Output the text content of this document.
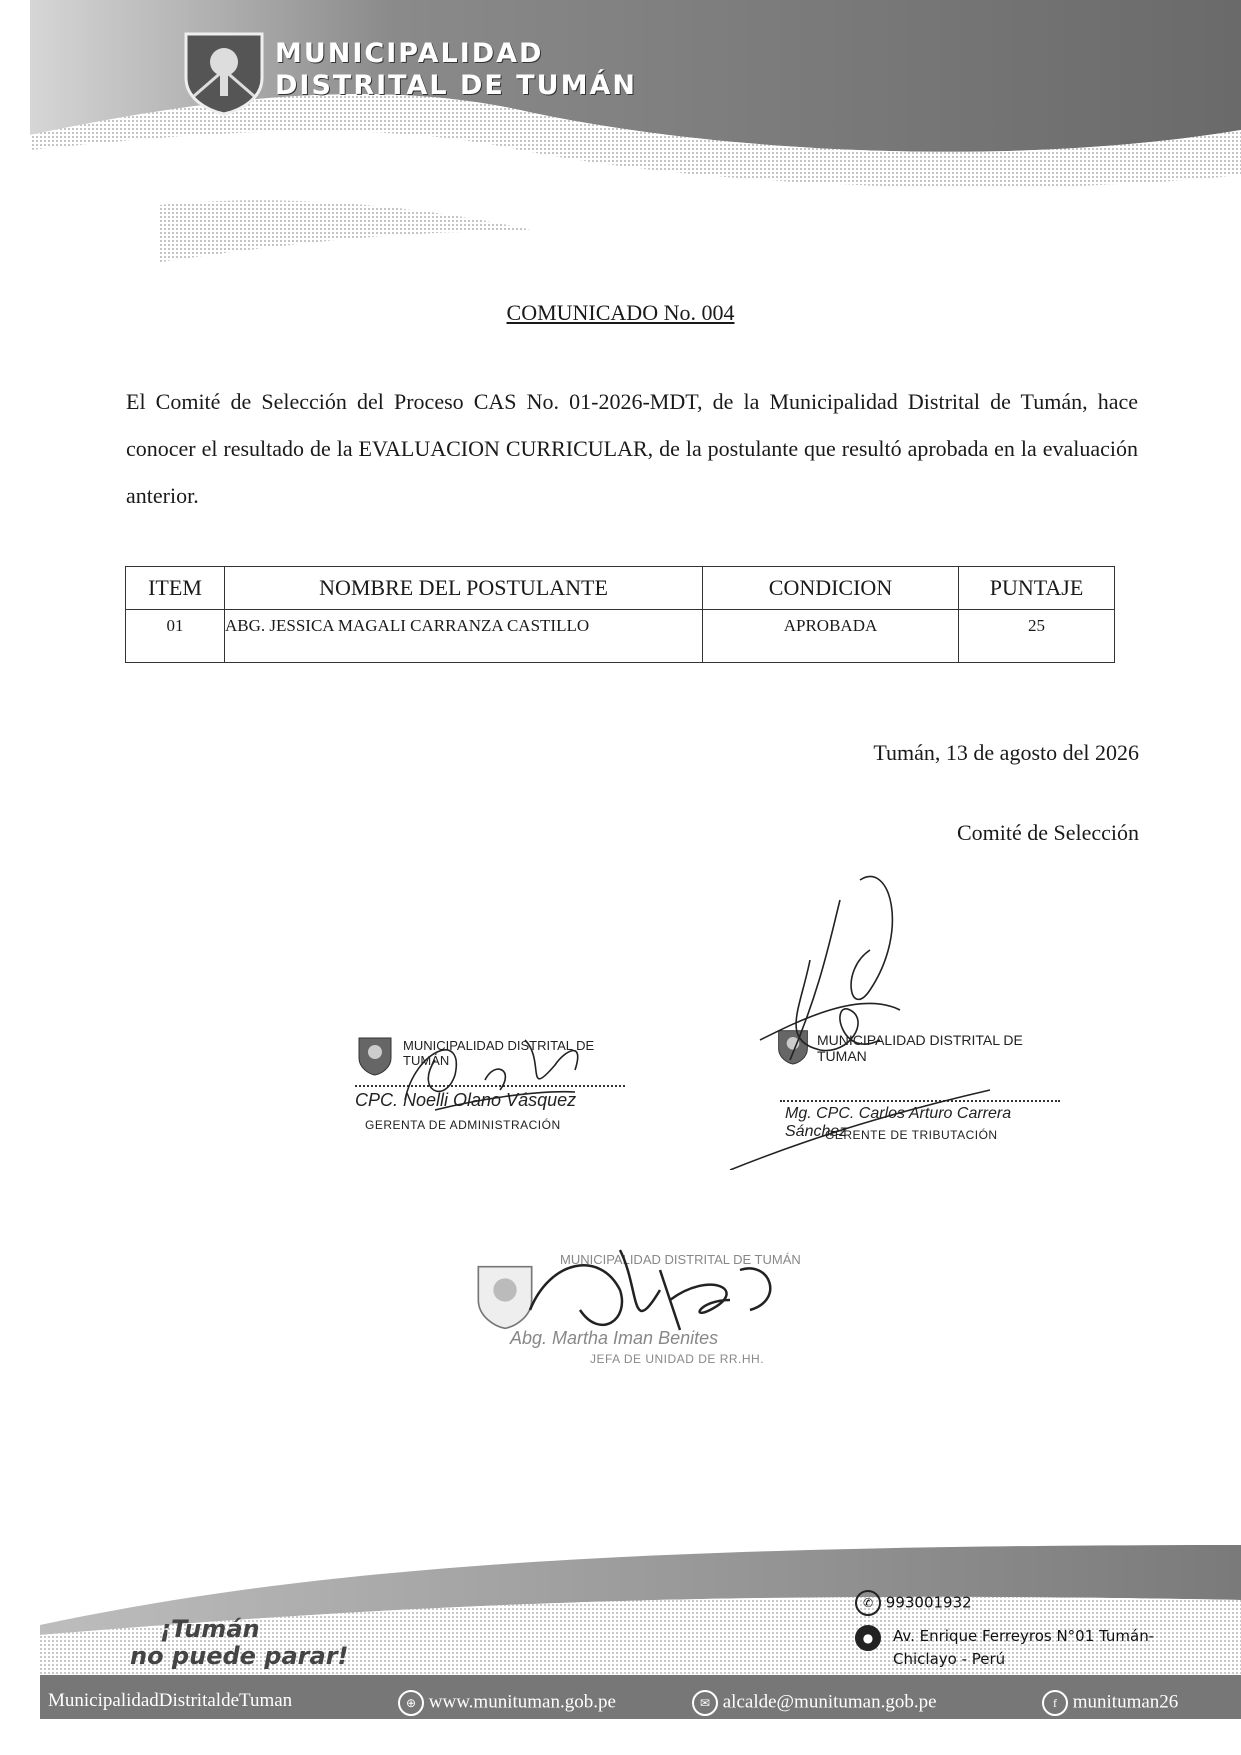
MUNICIPALIDAD
DISTRITAL DE TUMÁN
COMUNICADO No. 004
El Comité de Selección del Proceso CAS No. 01-2026-MDT, de la Municipalidad Distrital de Tumán, hace conocer el resultado de la EVALUACION CURRICULAR, de la postulante que resultó aprobada en la evaluación anterior.
ITEM	NOMBRE DEL POSTULANTE	CONDICION	PUNTAJE
01	ABG. JESSICA MAGALI CARRANZA CASTILLO	APROBADA	25
Tumán, 13 de agosto del 2026
Comité de Selección
MUNICIPALIDAD DISTRITAL DE TUMÁN
CPC. Noelli Olano Vásquez
GERENTA DE ADMINISTRACIÓN
MUNICIPALIDAD DISTRITAL DE TUMAN
Mg. CPC. Carlos Arturo Carrera Sánchez
GERENTE DE TRIBUTACIÓN
MUNICIPALIDAD DISTRITAL DE TUMÁN
Abg. Martha Iman Benites
JEFA DE UNIDAD DE RR.HH.
¡Tumán
no puede parar!
✆ 993001932
●	Av. Enrique Ferreyros N°01 Tumán-
Chiclayo - Perú
MunicipalidadDistritaldeTuman	⊕ www.munituman.gob.pe	✉ alcalde@munituman.gob.pe	f munituman26
